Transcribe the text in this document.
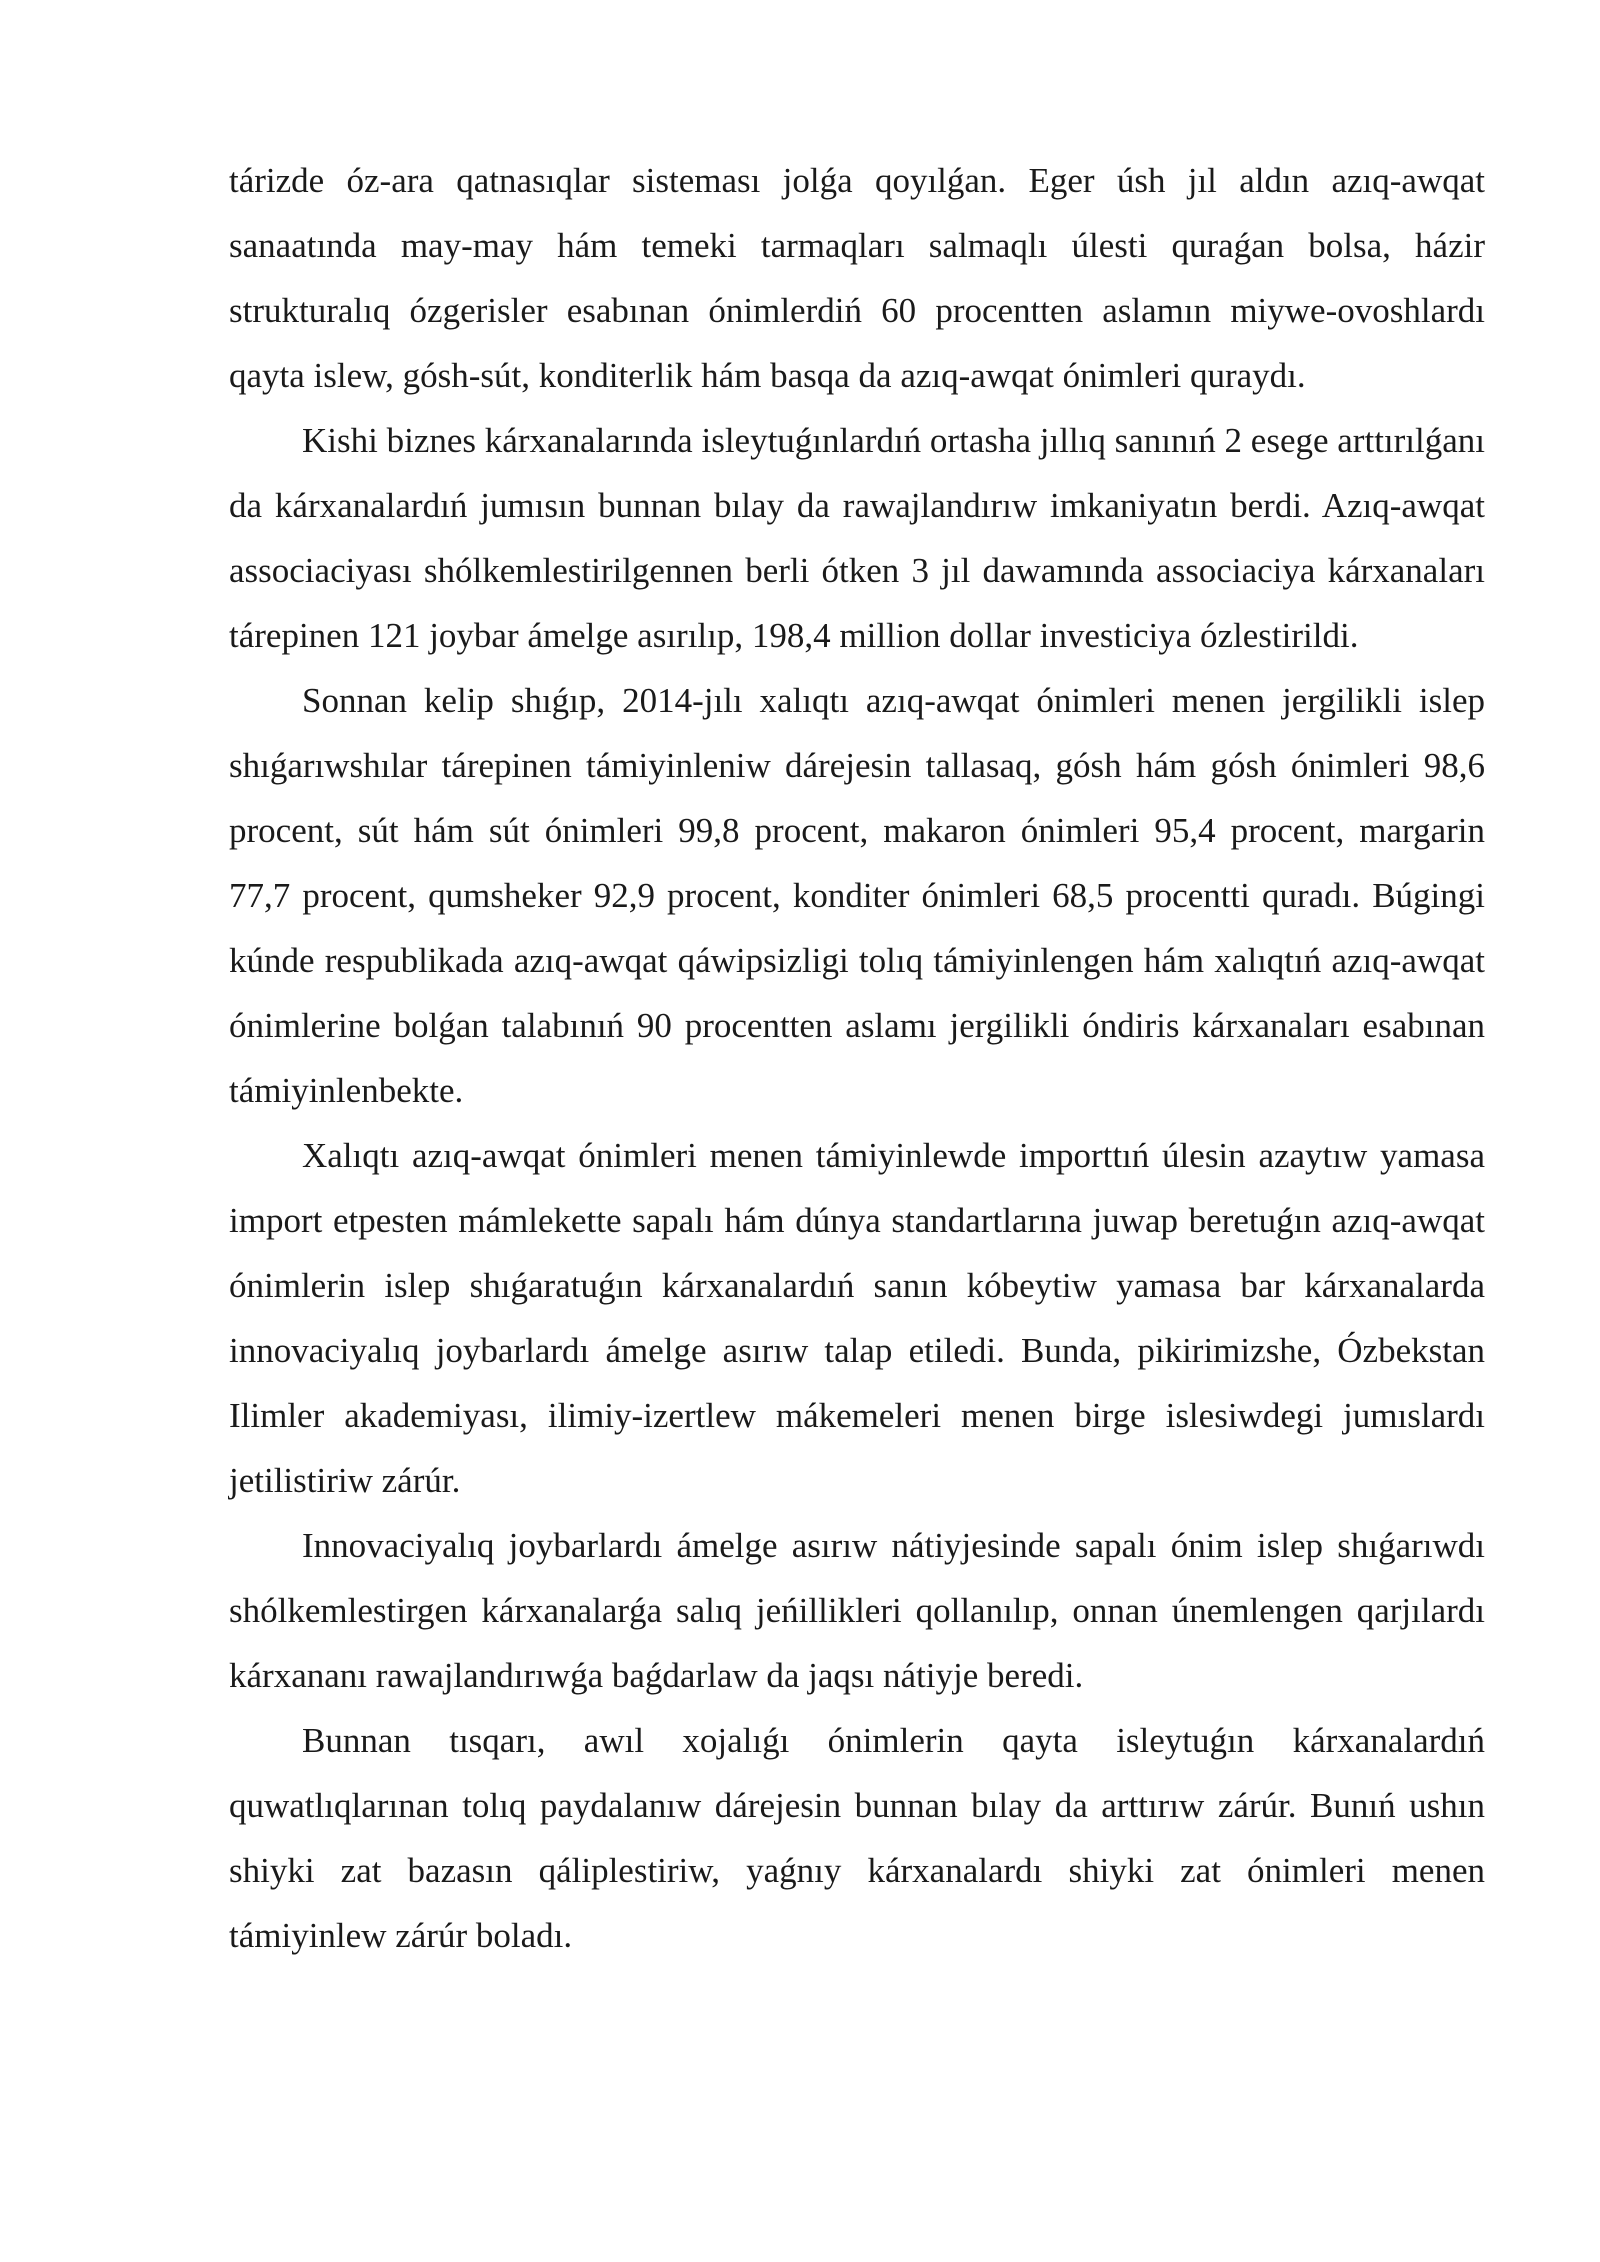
tárizde óz-ara qatnasıqlar sisteması jolǵa qoyılǵan. Eger úsh jıl aldın azıq-awqat sanaatında may-may hám temeki tarmaqları salmaqlı úlesti quraǵan bolsa, házir strukturalıq ózgerisler esabınan ónimlerdiń 60 procentten aslamın miywe-ovoshlardı qayta islew, gósh-sút, konditerlik hám basqa da azıq-awqat ónimleri quraydı.

Kishi biznes kárxanalarında isleytuǵınlardıń ortasha jıllıq sanınıń 2 esege arttırılǵanı da kárxanalardıń jumısın bunnan bılay da rawajlandırıw imkaniyatın berdi. Azıq-awqat associaciyası shólkemlestirilgennen berli ótken 3 jıl dawamında associaciya kárxanaları tárepinen 121 joybar ámelge asırılıp, 198,4 million dollar investiciya ózlestirildi.

Sonnan kelip shıǵıp, 2014-jılı xalıqtı azıq-awqat ónimleri menen jergilikli islep shıǵarıwshılar tárepinen támiyinleniw dárejesin tallasaq, gósh hám gósh ónimleri 98,6 procent, sút hám sút ónimleri 99,8 procent, makaron ónimleri 95,4 procent, margarin 77,7 procent, qumsheker 92,9 procent, konditer ónimleri 68,5 procentti quradı. Búgingi kúnde respublikada azıq-awqat qáwipsizligi tolıq támiyinlengen hám xalıqtıń azıq-awqat ónimlerine bolǵan talabınıń 90 procentten aslamı jergilikli óndiris kárxanaları esabınan támiyinlenbekte.

Xalıqtı azıq-awqat ónimleri menen támiyinlewde importtıń úlesin azaytıw yamasa import etpesten mámlekette sapalı hám dúnya standartlarına juwap beretuǵın azıq-awqat ónimlerin islep shıǵaratuǵın kárxanalardıń sanın kóbeytiw yamasa bar kárxanalarda innovaciyalıq joybarlardı ámelge asırıw talap etiledi. Bunda, pikirimizshe, Ózbekstan Ilimler akademiyası, ilimiy-izertlew mákemeleri menen birge islesiwdegi jumıslardı jetilistiriw zárúr.

Innovaciyalıq joybarlardı ámelge asırıw nátiyjesinde sapalı ónim islep shıǵarıwdı shólkemlestirgen kárxanalarǵa salıq jeńillikleri qollanılıp, onnan únemlengen qarjılardı kárxananı rawajlandırıwǵa baǵdarlaw da jaqsı nátiyje beredi.

Bunnan tısqarı, awıl xojalıǵı ónimlerin qayta isleytuǵın kárxanalardıń quwatlıqlarınan tolıq paydalanıw dárejesin bunnan bılay da arttırıw zárúr. Bunıń ushın shiyki zat bazasın qáliplestiriw, yaǵnıy kárxanalardı shiyki zat ónimleri menen támiyinlew zárúr boladı.
